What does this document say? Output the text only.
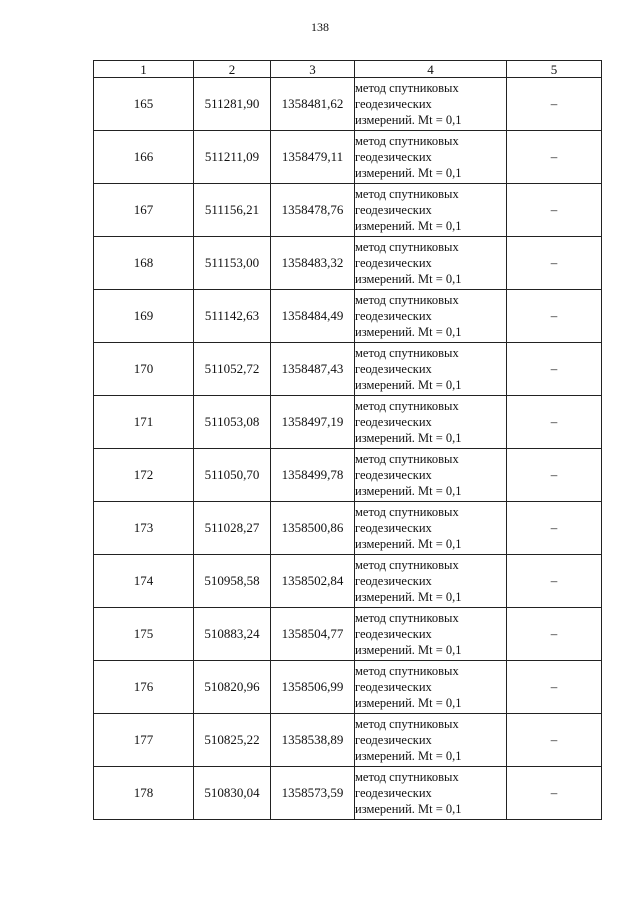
138
1	2	3	4	5
165	511281,90	1358481,62	метод спутниковых
геодезических
измерений. Mt = 0,1	–
166	511211,09	1358479,11	метод спутниковых
геодезических
измерений. Mt = 0,1	–
167	511156,21	1358478,76	метод спутниковых
геодезических
измерений. Mt = 0,1	–
168	511153,00	1358483,32	метод спутниковых
геодезических
измерений. Mt = 0,1	–
169	511142,63	1358484,49	метод спутниковых
геодезических
измерений. Mt = 0,1	–
170	511052,72	1358487,43	метод спутниковых
геодезических
измерений. Mt = 0,1	–
171	511053,08	1358497,19	метод спутниковых
геодезических
измерений. Mt = 0,1	–
172	511050,70	1358499,78	метод спутниковых
геодезических
измерений. Mt = 0,1	–
173	511028,27	1358500,86	метод спутниковых
геодезических
измерений. Mt = 0,1	–
174	510958,58	1358502,84	метод спутниковых
геодезических
измерений. Mt = 0,1	–
175	510883,24	1358504,77	метод спутниковых
геодезических
измерений. Mt = 0,1	–
176	510820,96	1358506,99	метод спутниковых
геодезических
измерений. Mt = 0,1	–
177	510825,22	1358538,89	метод спутниковых
геодезических
измерений. Mt = 0,1	–
178	510830,04	1358573,59	метод спутниковых
геодезических
измерений. Mt = 0,1	–
